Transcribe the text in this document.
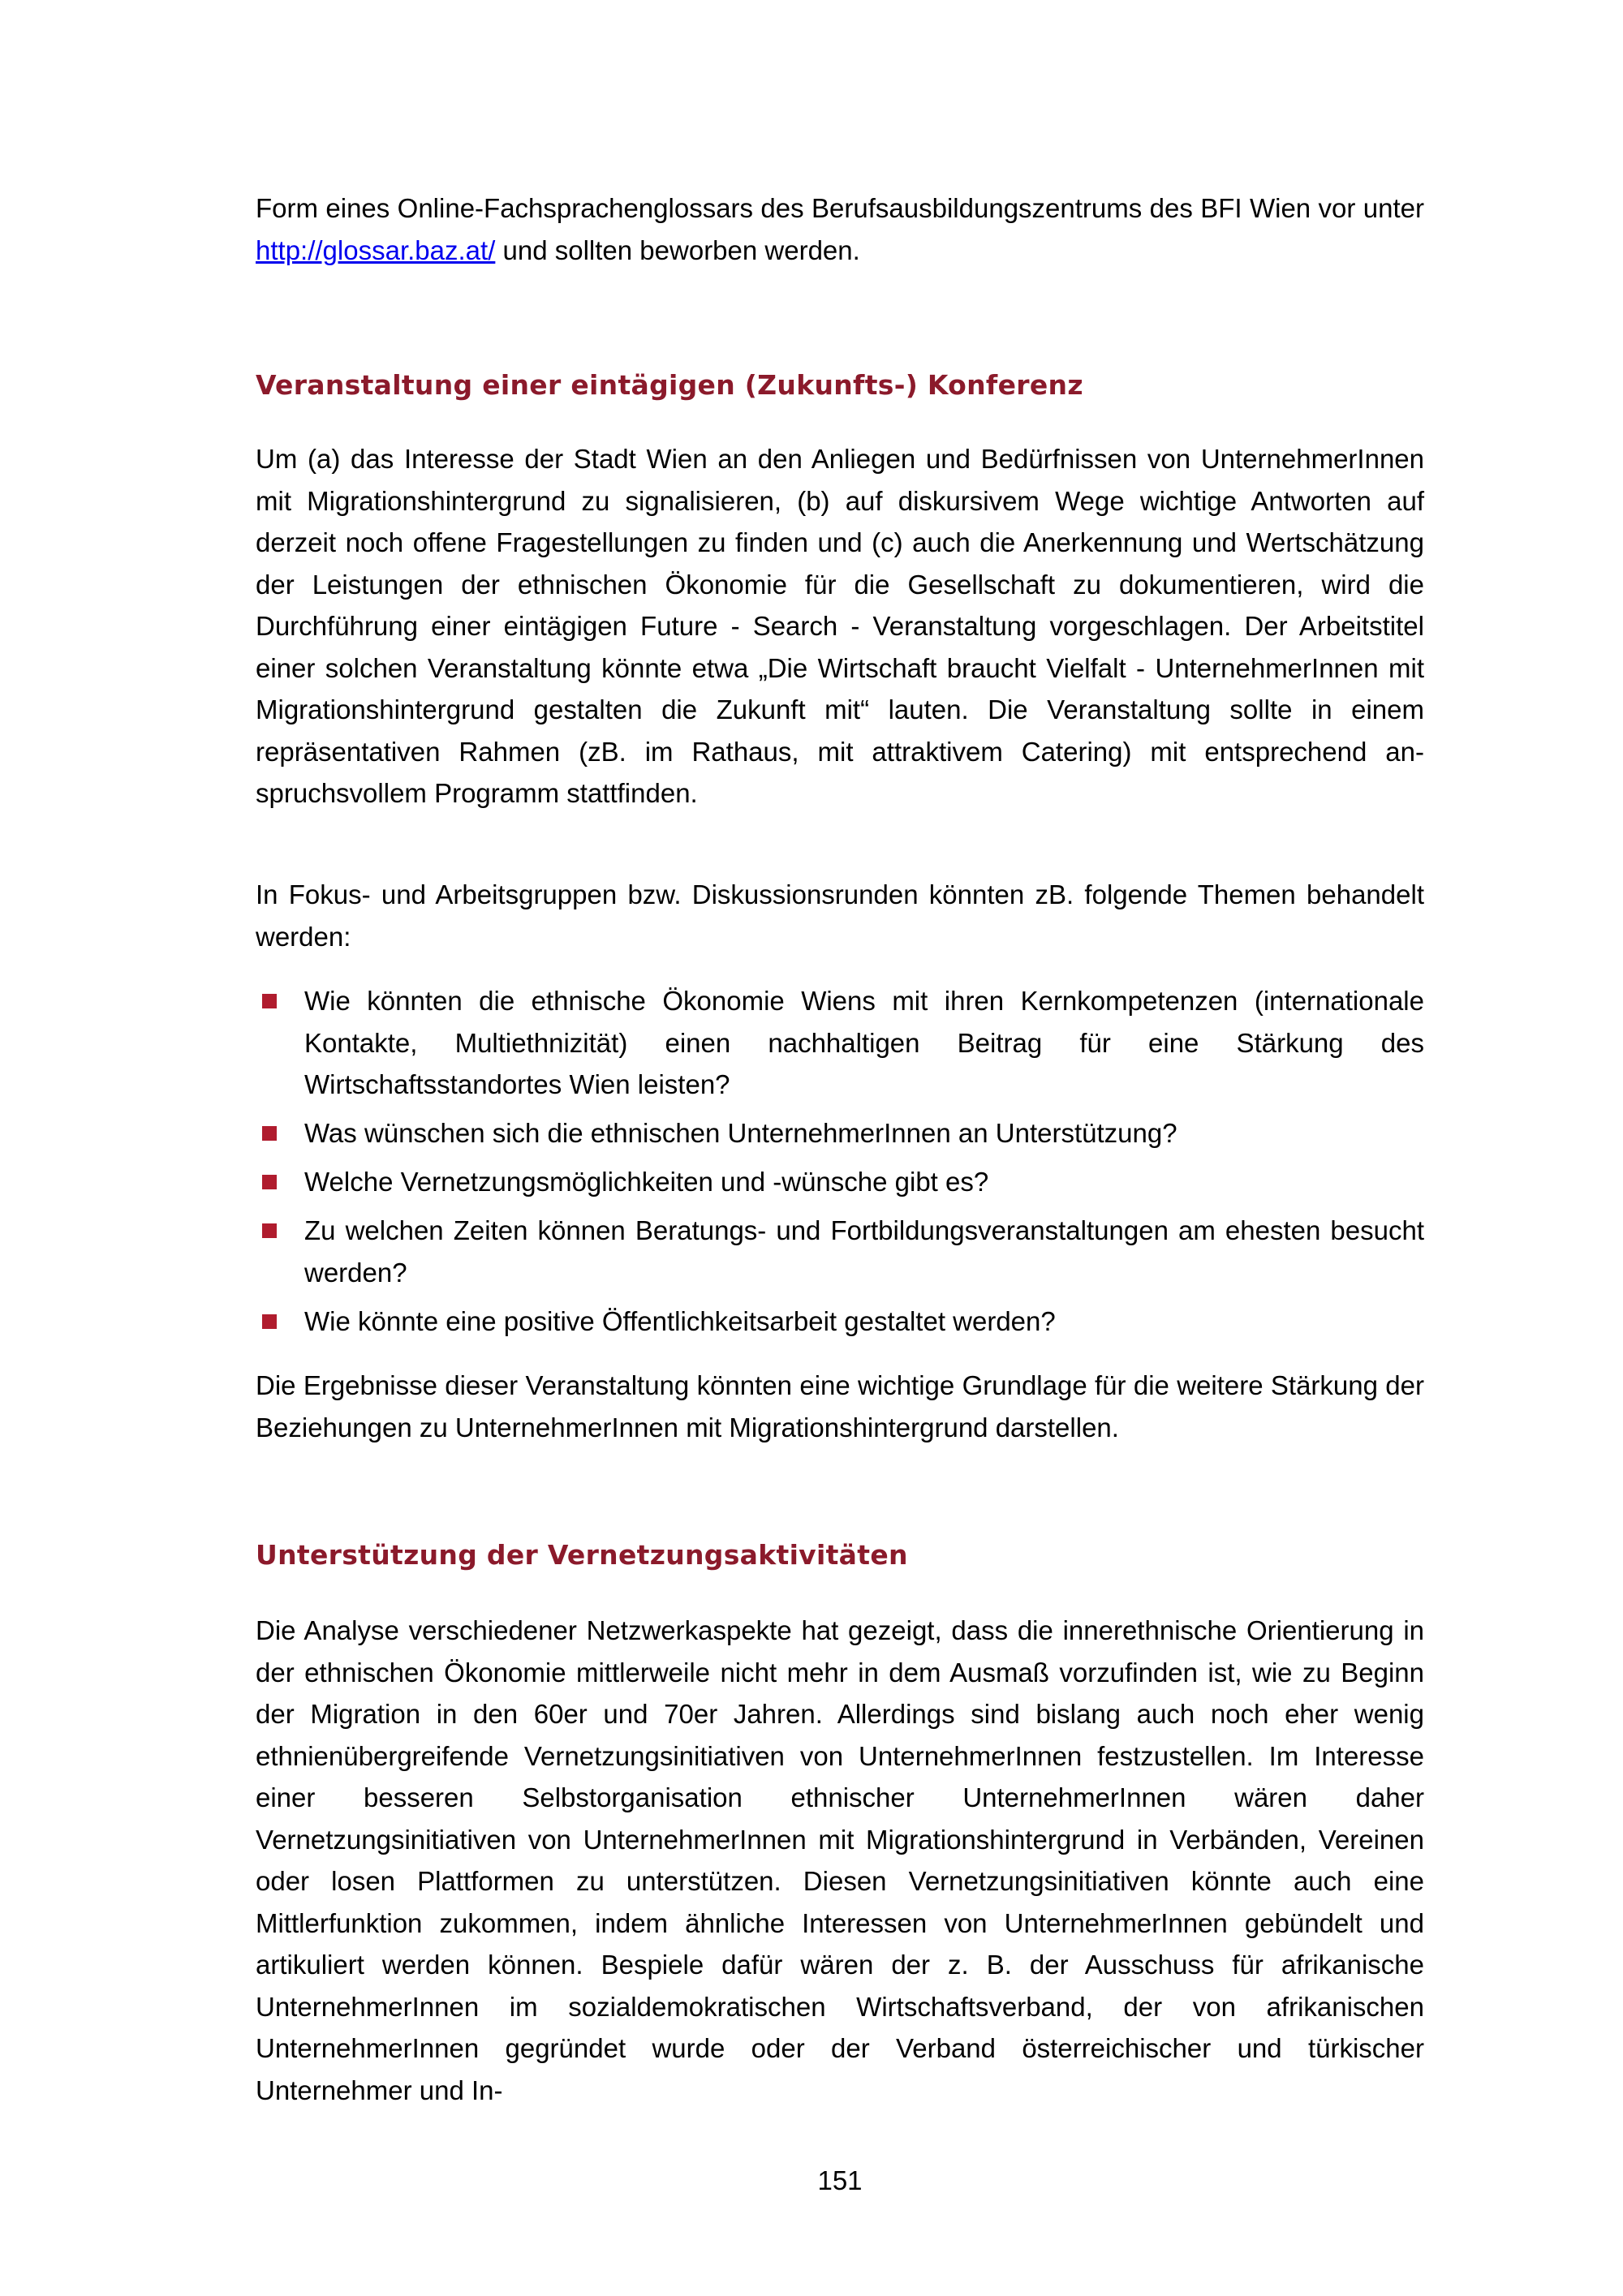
Form eines Online-Fachsprachenglossars des Berufsausbildungszentrums des BFI Wien vor unter http://glossar.baz.at/ und sollten beworben werden.

Veranstaltung einer eintägigen (Zukunfts-) Konferenz

Um (a) das Interesse der Stadt Wien an den Anliegen und Bedürfnissen von UnternehmerInnen mit Migrationshintergrund zu signalisieren, (b) auf diskursivem Wege wichtige Antworten auf derzeit noch offene Fragestellungen zu finden und (c) auch die Anerkennung und Wertschätzung der Leistungen der ethnischen Ökonomie für die Gesellschaft zu dokumentieren, wird die Durchführung einer eintägigen Future - Search - Veranstaltung vorgeschlagen. Der Arbeitstitel einer solchen Veranstaltung könnte etwa „Die Wirtschaft braucht Vielfalt - UnternehmerInnen mit Migrationshintergrund gestalten die Zukunft mit“ lauten. Die Veranstaltung sollte in einem repräsentativen Rahmen (zB. im Rathaus, mit attraktivem Catering) mit entsprechend anspruchsvollem Programm stattfinden.

In Fokus- und Arbeitsgruppen bzw. Diskussionsrunden könnten zB. folgende Themen behandelt werden:

Wie könnten die ethnische Ökonomie Wiens mit ihren Kernkompetenzen (internationale Kontakte, Multiethnizität) einen nachhaltigen Beitrag für eine Stärkung des Wirtschaftsstandortes Wien leisten?
Was wünschen sich die ethnischen UnternehmerInnen an Unterstützung?
Welche Vernetzungsmöglichkeiten und -wünsche gibt es?
Zu welchen Zeiten können Beratungs- und Fortbildungsveranstaltungen am ehesten besucht werden?
Wie könnte eine positive Öffentlichkeitsarbeit gestaltet werden?

Die Ergebnisse dieser Veranstaltung könnten eine wichtige Grundlage für die weitere Stärkung der Beziehungen zu UnternehmerInnen mit Migrationshintergrund darstellen.

Unterstützung der Vernetzungsaktivitäten

Die Analyse verschiedener Netzwerkaspekte hat gezeigt, dass die innerethnische Orientierung in der ethnischen Ökonomie mittlerweile nicht mehr in dem Ausmaß vorzufinden ist, wie zu Beginn der Migration in den 60er und 70er Jahren. Allerdings sind bislang auch noch eher wenig ethnienübergreifende Vernetzungsinitiativen von UnternehmerInnen festzustellen. Im Interesse einer besseren Selbstorganisation ethnischer UnternehmerInnen wären daher Vernetzungsinitiativen von UnternehmerInnen mit Migrationshintergrund in Verbänden, Vereinen oder losen Plattformen zu unterstützen. Diesen Vernetzungsinitiativen könnte auch eine Mittlerfunktion zukommen, indem ähnliche Interessen von UnternehmerInnen gebündelt und artikuliert werden können. Bespiele dafür wären der z. B. der Ausschuss für afrikanische UnternehmerInnen im sozialdemokratischen Wirtschaftsverband, der von afrikanischen UnternehmerInnen gegründet wurde oder der Verband österreichischer und türkischer Unternehmer und In-

151
